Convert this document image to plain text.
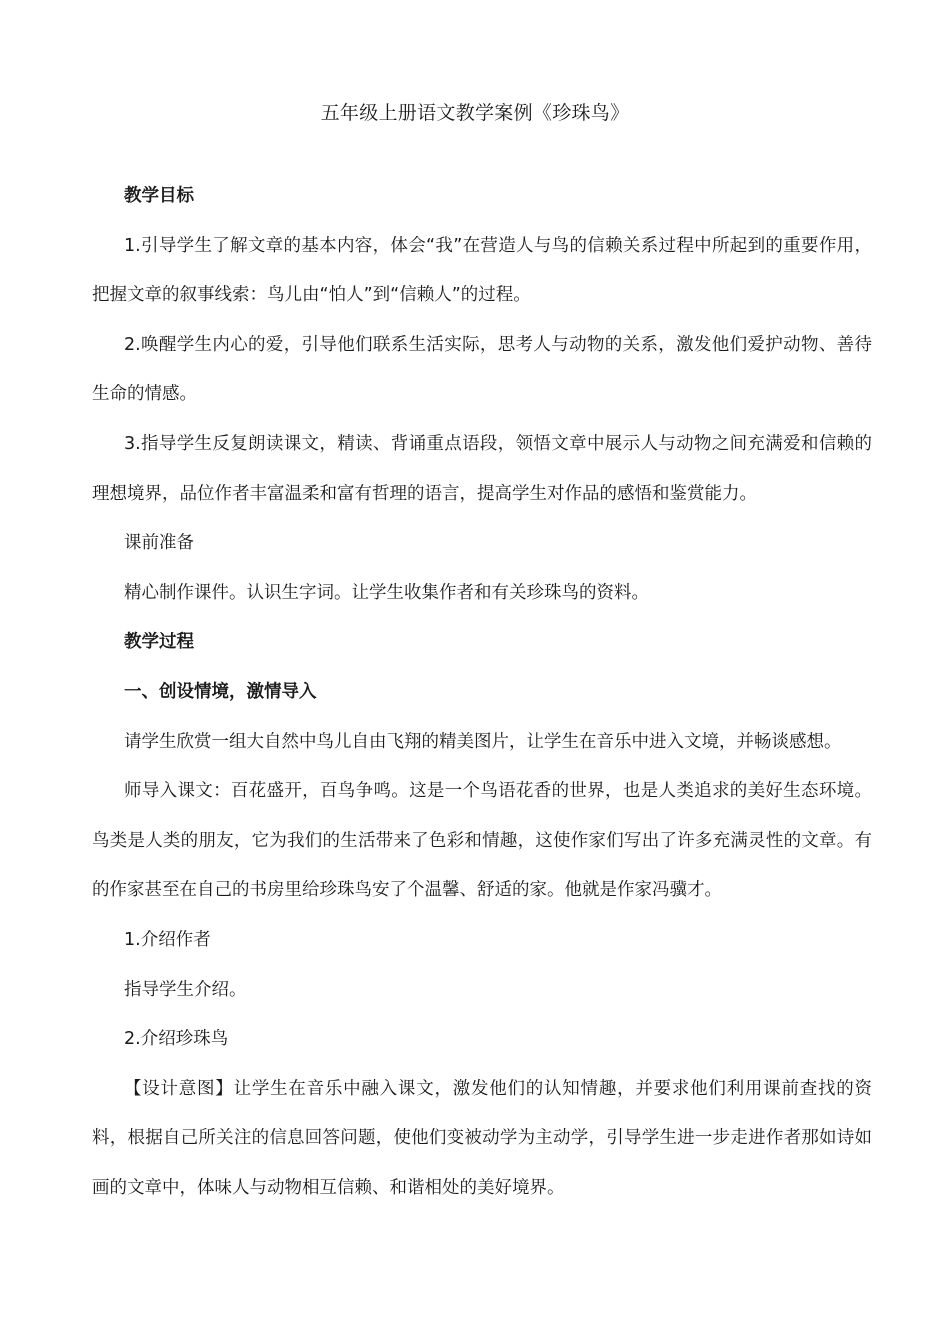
五年级上册语文教学案例《珍珠鸟》

教学目标

1.引导学生了解文章的基本内容，体会“我”在营造人与鸟的信赖关系过程中所起到的重要作用，把握文章的叙事线索：鸟儿由“怕人”到“信赖人”的过程。

2.唤醒学生内心的爱，引导他们联系生活实际，思考人与动物的关系，激发他们爱护动物、善待生命的情感。

3.指导学生反复朗读课文，精读、背诵重点语段，领悟文章中展示人与动物之间充满爱和信赖的理想境界，品位作者丰富温柔和富有哲理的语言，提高学生对作品的感悟和鉴赏能力。

课前准备

精心制作课件。认识生字词。让学生收集作者和有关珍珠鸟的资料。

教学过程

一、创设情境，激情导入

请学生欣赏一组大自然中鸟儿自由飞翔的精美图片，让学生在音乐中进入文境，并畅谈感想。

师导入课文：百花盛开，百鸟争鸣。这是一个鸟语花香的世界，也是人类追求的美好生态环境。鸟类是人类的朋友，它为我们的生活带来了色彩和情趣，这使作家们写出了许多充满灵性的文章。有的作家甚至在自己的书房里给珍珠鸟安了个温馨、舒适的家。他就是作家冯骥才。

1.介绍作者

指导学生介绍。

2.介绍珍珠鸟

【设计意图】让学生在音乐中融入课文，激发他们的认知情趣，并要求他们利用课前查找的资料，根据自己所关注的信息回答问题，使他们变被动学为主动学，引导学生进一步走进作者那如诗如画的文章中，体味人与动物相互信赖、和谐相处的美好境界。
